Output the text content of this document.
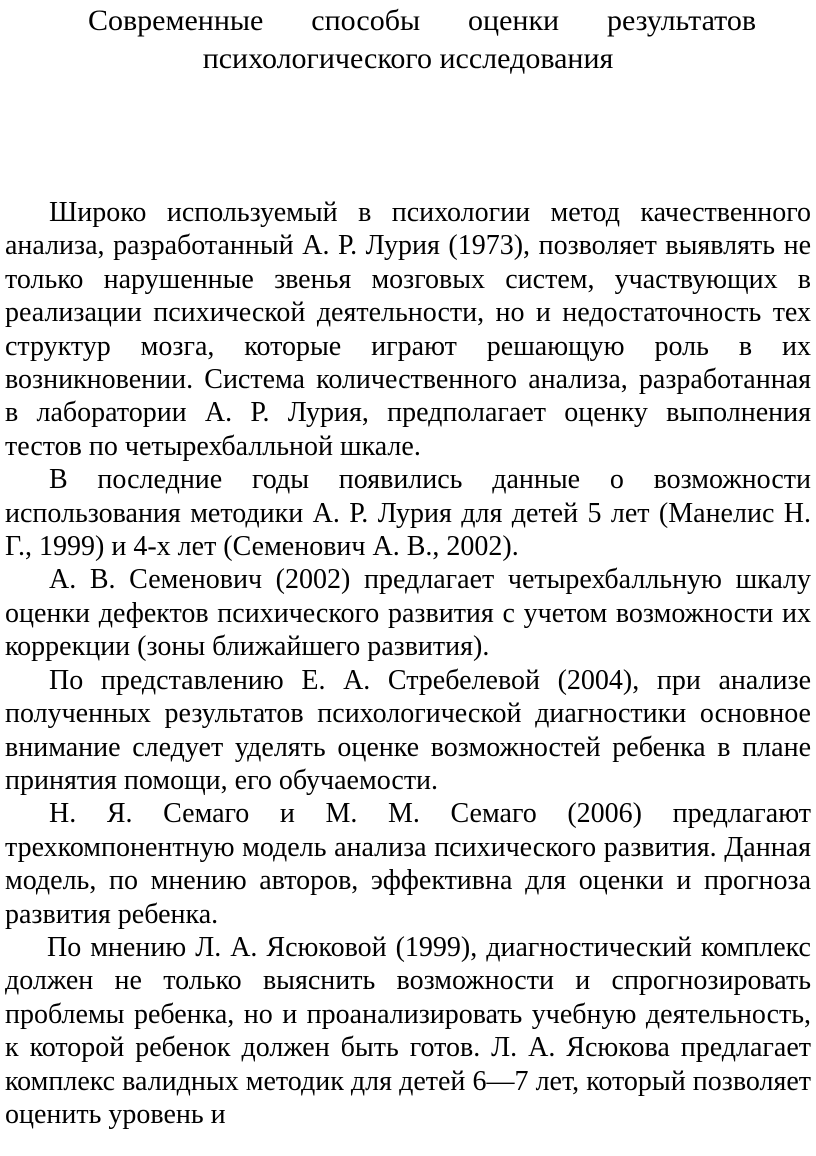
Современные способы оценки результатов
психологического исследования

Широко используемый в психологии метод качественного анализа, разработанный А. Р. Лурия (1973), позволяет выявлять не только нарушенные звенья мозговых систем, участвующих в реализации психической деятельности, но и недостаточность тех структур мозга, которые играют решающую роль в их возникновении. Система количественного анализа, разработанная в лаборатории А. Р. Лурия, предполагает оценку выполнения тестов по четырехбалльной шкале.

В последние годы появились данные о возможности использования методики А. Р. Лурия для детей 5 лет (Манелис Н. Г., 1999) и 4-х лет (Семенович А. В., 2002).

А. В. Семенович (2002) предлагает четырехбалльную шкалу оценки дефектов психического развития с учетом возможности их коррекции (зоны ближайшего развития).

По представлению Е. А. Стребелевой (2004), при анализе полученных результатов психологической диагностики основное внимание следует уделять оценке возможностей ребенка в плане принятия помощи, его обучаемости.

Н. Я. Семаго и М. М. Семаго (2006) предлагают трехкомпонентную модель анализа психического развития. Данная модель, по мнению авторов, эффективна для оценки и прогноза развития ребенка.

По мнению Л. А. Ясюковой (1999), диагностический комплекс должен не только выяснить возможности и спрогнозировать проблемы ребенка, но и проанализировать учебную деятельность, к которой ребенок должен быть готов. Л. А. Ясюкова предлагает комплекс валидных методик для детей 6—7 лет, который позволяет оценить уровень и
